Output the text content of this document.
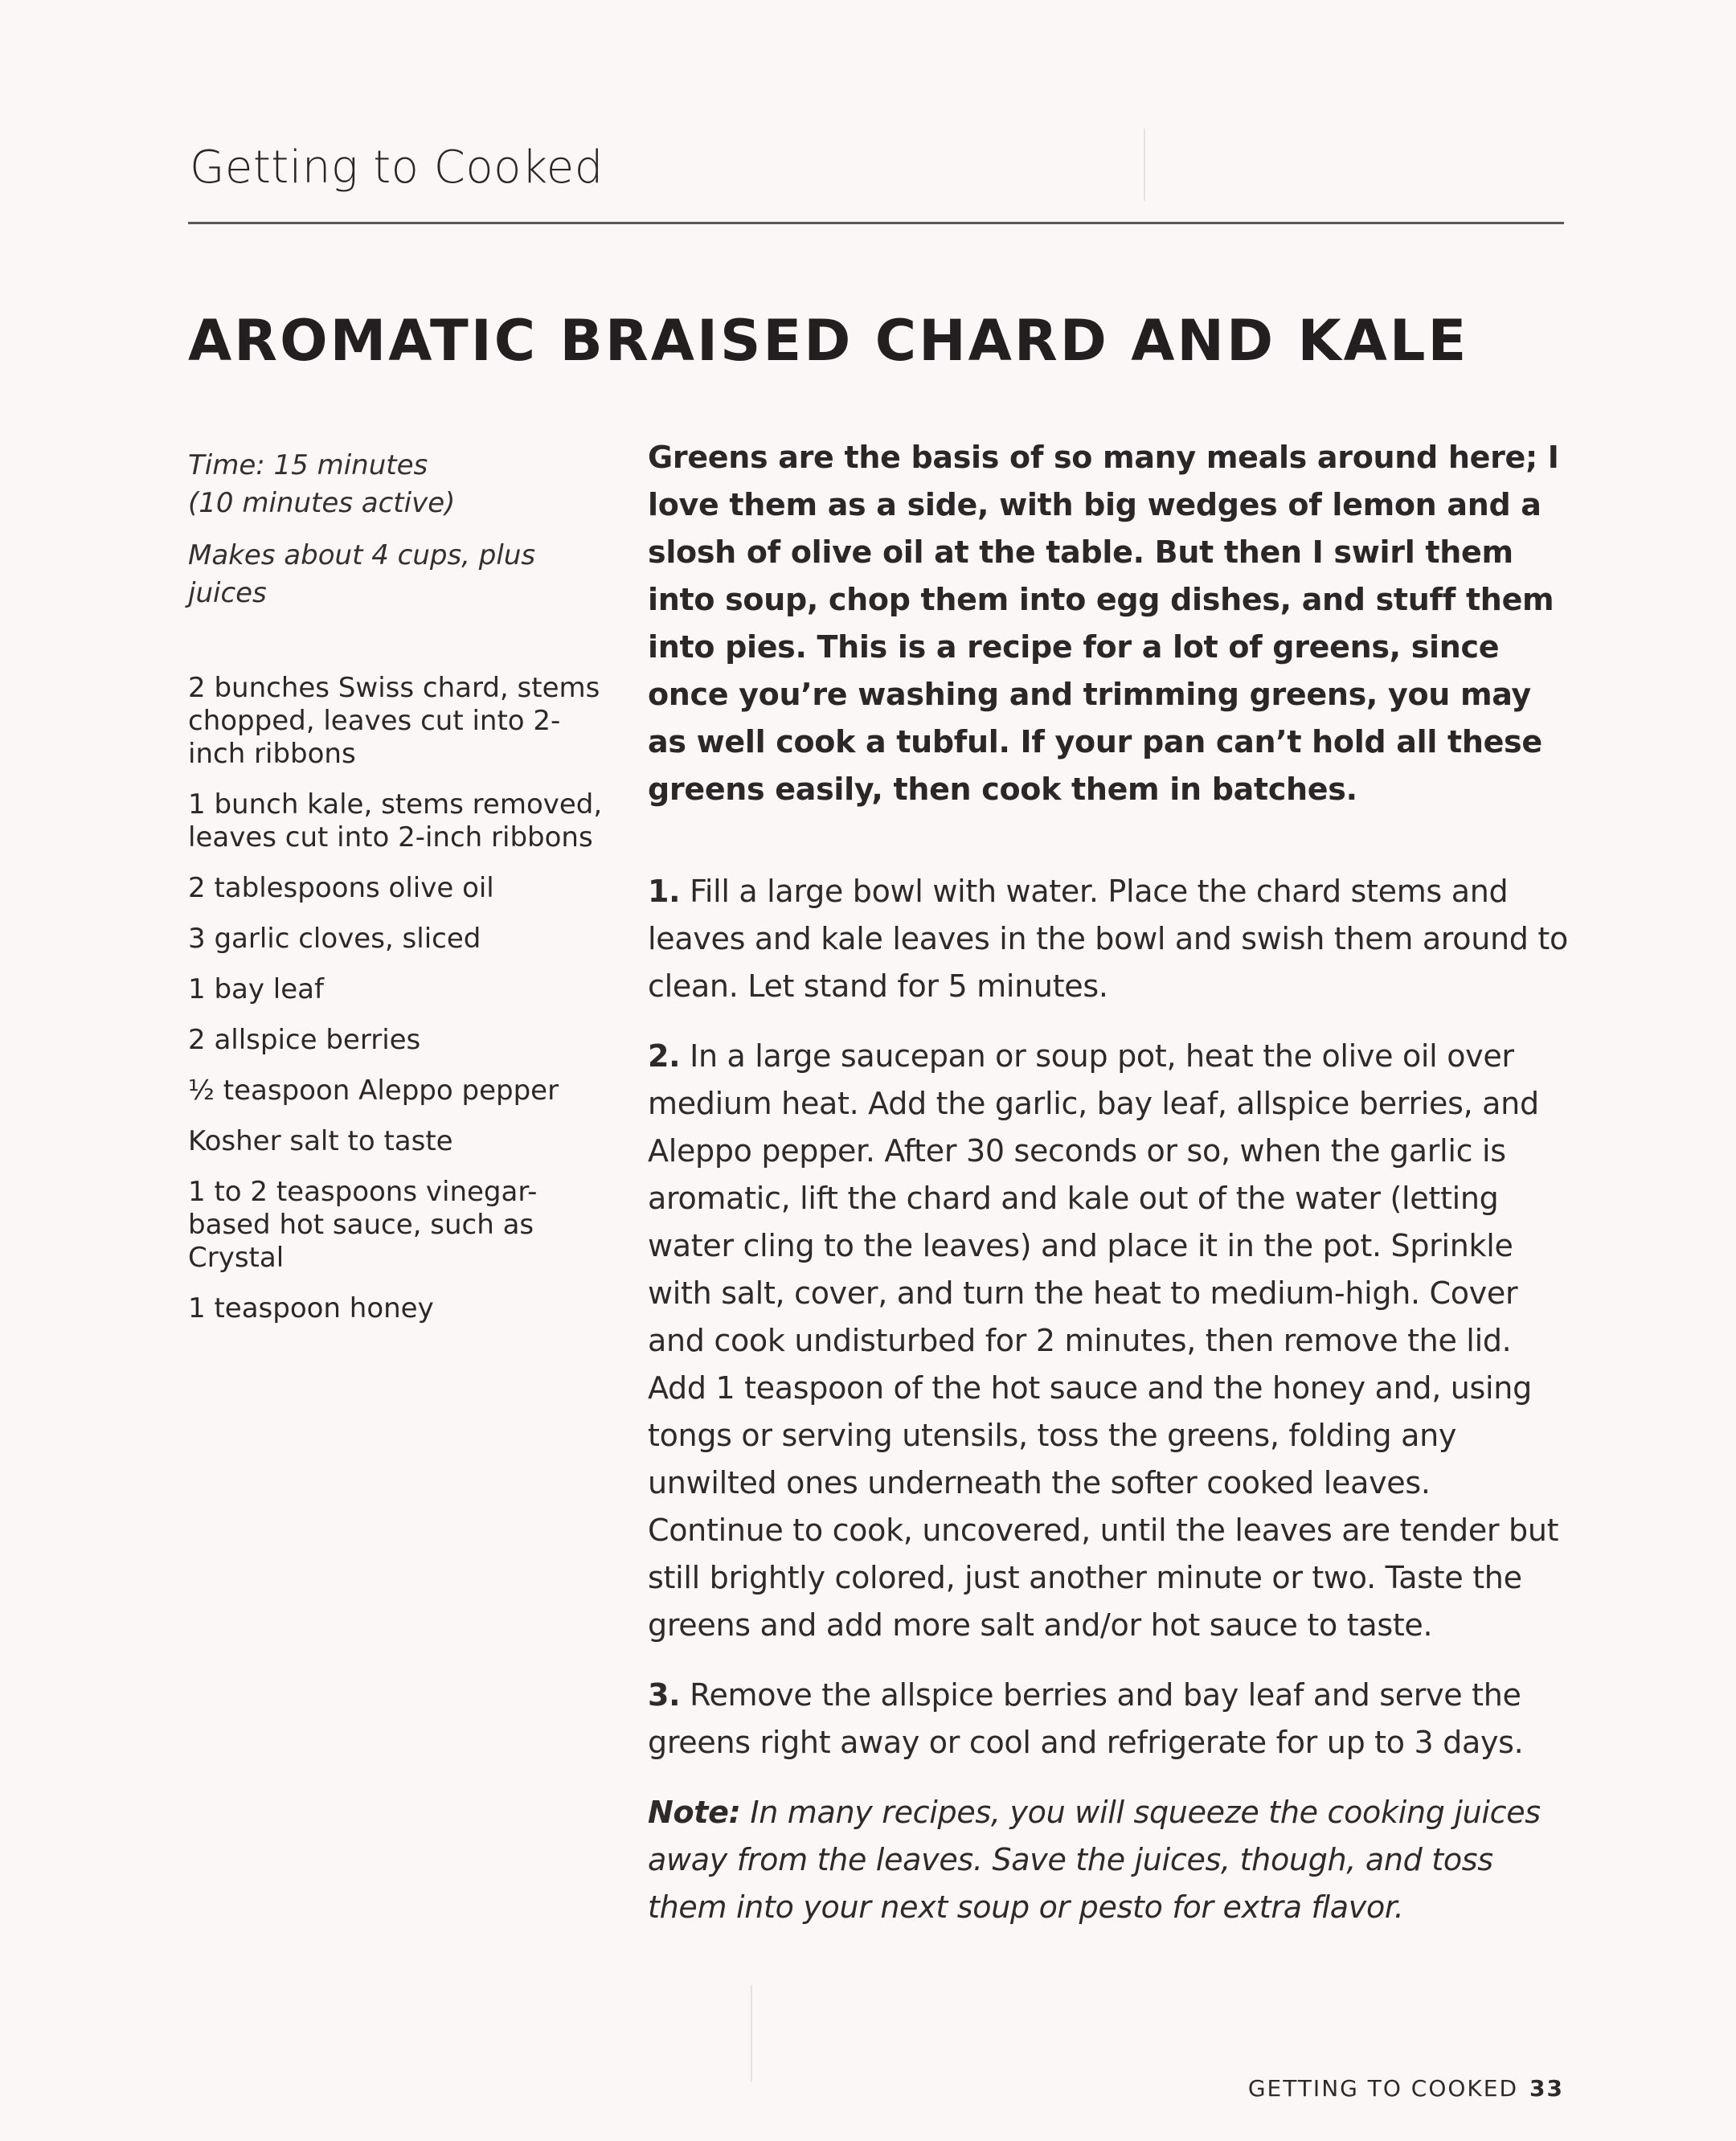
Getting to Cooked
AROMATIC BRAISED CHARD AND KALE

Time: 15 minutes

(10 minutes active)

Makes about 4 cups, plus juices

2 bunches Swiss chard, stems chopped, leaves cut into 2-inch ribbons
1 bunch kale, stems removed, leaves cut into 2-inch ribbons
2 tablespoons olive oil
3 garlic cloves, sliced
1 bay leaf
2 allspice berries
½ teaspoon Aleppo pepper
Kosher salt to taste
1 to 2 teaspoons vinegar-based hot sauce, such as Crystal
1 teaspoon honey

Greens are the basis of so many meals around here; I love them as a side, with big wedges of lemon and a slosh of olive oil at the table. But then I swirl them into soup, chop them into egg dishes, and stuff them into pies. This is a recipe for a lot of greens, since once you’re washing and trimming greens, you may as well cook a tubful. If your pan can’t hold all these greens easily, then cook them in batches.

1. Fill a large bowl with water. Place the chard stems and leaves and kale leaves in the bowl and swish them around to clean. Let stand for 5 minutes.

2. In a large saucepan or soup pot, heat the olive oil over medium heat. Add the garlic, bay leaf, allspice berries, and Aleppo pepper. After 30 seconds or so, when the garlic is aromatic, lift the chard and kale out of the water (letting water cling to the leaves) and place it in the pot. Sprinkle with salt, cover, and turn the heat to medium-high. Cover and cook undisturbed for 2 minutes, then remove the lid. Add 1 teaspoon of the hot sauce and the honey and, using tongs or serving utensils, toss the greens, folding any unwilted ones underneath the softer cooked leaves. Continue to cook, uncovered, until the leaves are tender but still brightly colored, just another minute or two. Taste the greens and add more salt and/or hot sauce to taste.

3. Remove the allspice berries and bay leaf and serve the greens right away or cool and refrigerate for up to 3 days.

Note: In many recipes, you will squeeze the cooking juices away from the leaves. Save the juices, though, and toss them into your next soup or pesto for extra flavor.

GETTING TO COOKED 33
